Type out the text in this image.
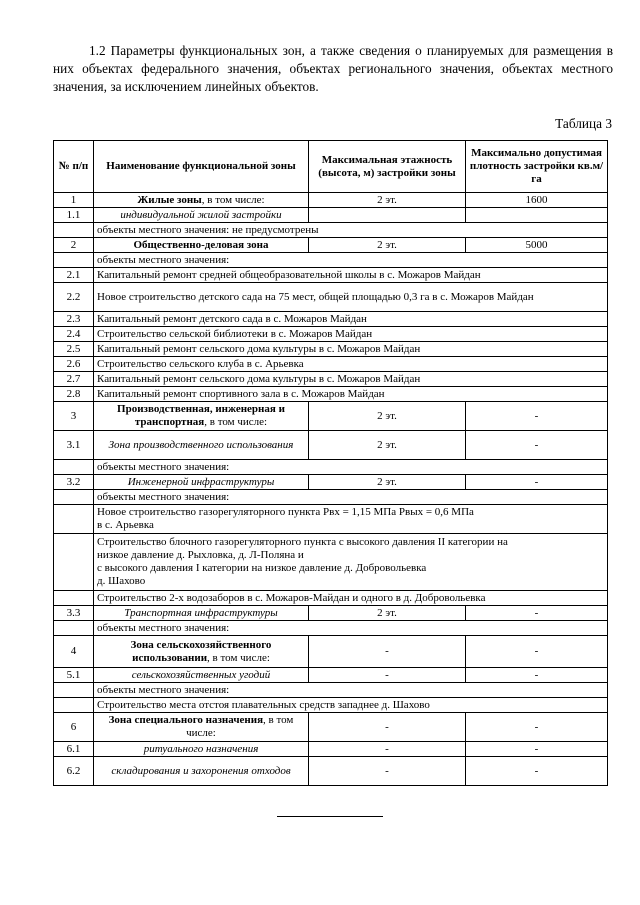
1.2 Параметры функциональных зон, а также сведения о планируемых для размещения в них объектах федерального значения, объектах регионального значения, объектах местного значения, за исключением линейных объектов.
Таблица 3
№ п/п	Наименование функциональной зоны	Максимальная этажность (высота, м) застройки зоны	Максимально допустимая плотность застройки кв.м/га
1	Жилые зоны, в том числе:	2 эт.	1600
1.1	индивидуальной жилой застройки		
	объекты местного значения: не предусмотрены		
2	Общественно-деловая зона	2 эт.	5000
	объекты местного значения:		
2.1	Капитальный ремонт средней общеобразовательной школы в с. Можаров Майдан		
2.2	Новое строительство детского сада на 75 мест, общей площадью 0,3 га в с. Можаров Майдан		
2.3	Капитальный ремонт детского сада в с. Можаров Майдан		
2.4	Строительство сельской библиотеки в с. Можаров Майдан		
2.5	Капитальный ремонт сельского дома культуры в с. Можаров Майдан		
2.6	Строительство сельского клуба в с. Арьевка		
2.7	Капитальный ремонт сельского дома культуры в с. Можаров Майдан		
2.8	Капитальный ремонт спортивного зала в с. Можаров Майдан		
3	Производственная, инженерная и транспортная, в том числе:	2 эт.	-
3.1	Зона производственного использования	2 эт.	-
	объекты местного значения:		
3.2	Инженерной инфраструктуры	2 эт.	-
	объекты местного значения:		

	Новое строительство газорегуляторного пункта Pвх = 1,15 МПа Pвых = 0,6 МПа
в с. Арьевка		

	Строительство блочного газорегуляторного пункта с высокого давления II категории на
низкое давление д. Рыхловка, д. Л-Поляна и
с высокого давления I категории на низкое давление д. Добровольевка
д. Шахово		

	Строительство 2-х водозаборов в с. Можаров-Майдан и одного в д. Добровольевка		
3.3	Транспортная инфраструктуры	2 эт.	-
	объекты местного значения:		
4	Зона сельскохозяйственного использовании, в том числе:	-	-
5.1	сельскохозяйственных угодий	-	-
	объекты местного значения:		
	Строительство места отстоя плавательных средств западнее д. Шахово		
6	Зона специального назначения, в том числе:	-	-
6.1	ритуального назначения	-	-
6.2	складирования и захоронения отходов	-	-
